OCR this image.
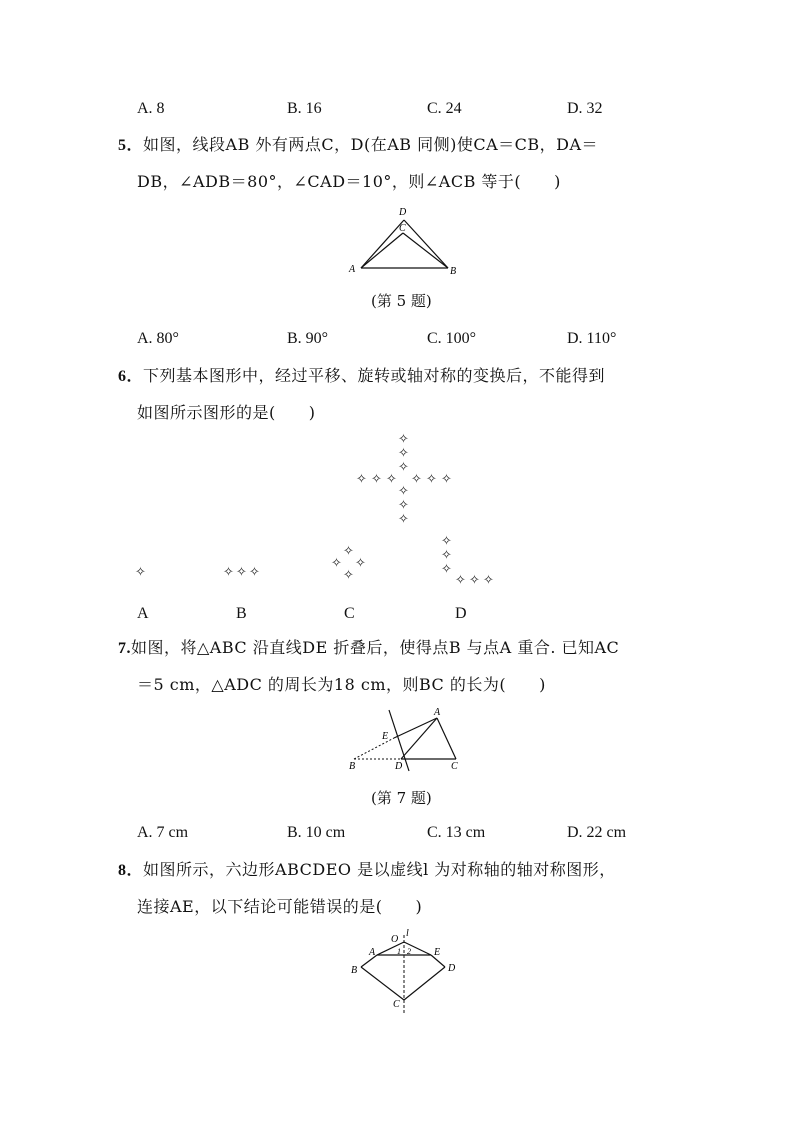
A. 8	B. 16	C. 24	D. 32
5．如图，线段AB 外有两点C，D(在AB 同侧)使CA＝CB，DA＝
DB，∠ADB＝80°，∠CAD＝10°，则∠ACB 等于(　　)
D
C
A	B
(第 5 题)
A. 80°	B. 90°	C. 100°	D. 110°
6．下列基本图形中，经过平移、旋转或轴对称的变换后，不能得到
如图所示图形的是(　　)
✧
✧
✧
✧ ✧ ✧ ✧ ✧ ✧
✧
✧
✧
✧	✧ ✧ ✧
✧
✧ ✧
✧
✧
✧
✧
✧ ✧ ✧
A	B	C	D
7.如图，将△ABC 沿直线DE 折叠后，使得点B 与点A 重合. 已知AC
＝5 cm，△ADC 的周长为18 cm，则BC 的长为(　　)
A
E
B	D	C
(第 7 题)
A. 7 cm	B. 10 cm	C. 13 cm	D. 22 cm
8．如图所示，六边形ABCDEO 是以虚线l 为对称轴的轴对称图形，
连接AE，以下结论可能错误的是(　　)
O
l
A	E
1 2
B	D
C
